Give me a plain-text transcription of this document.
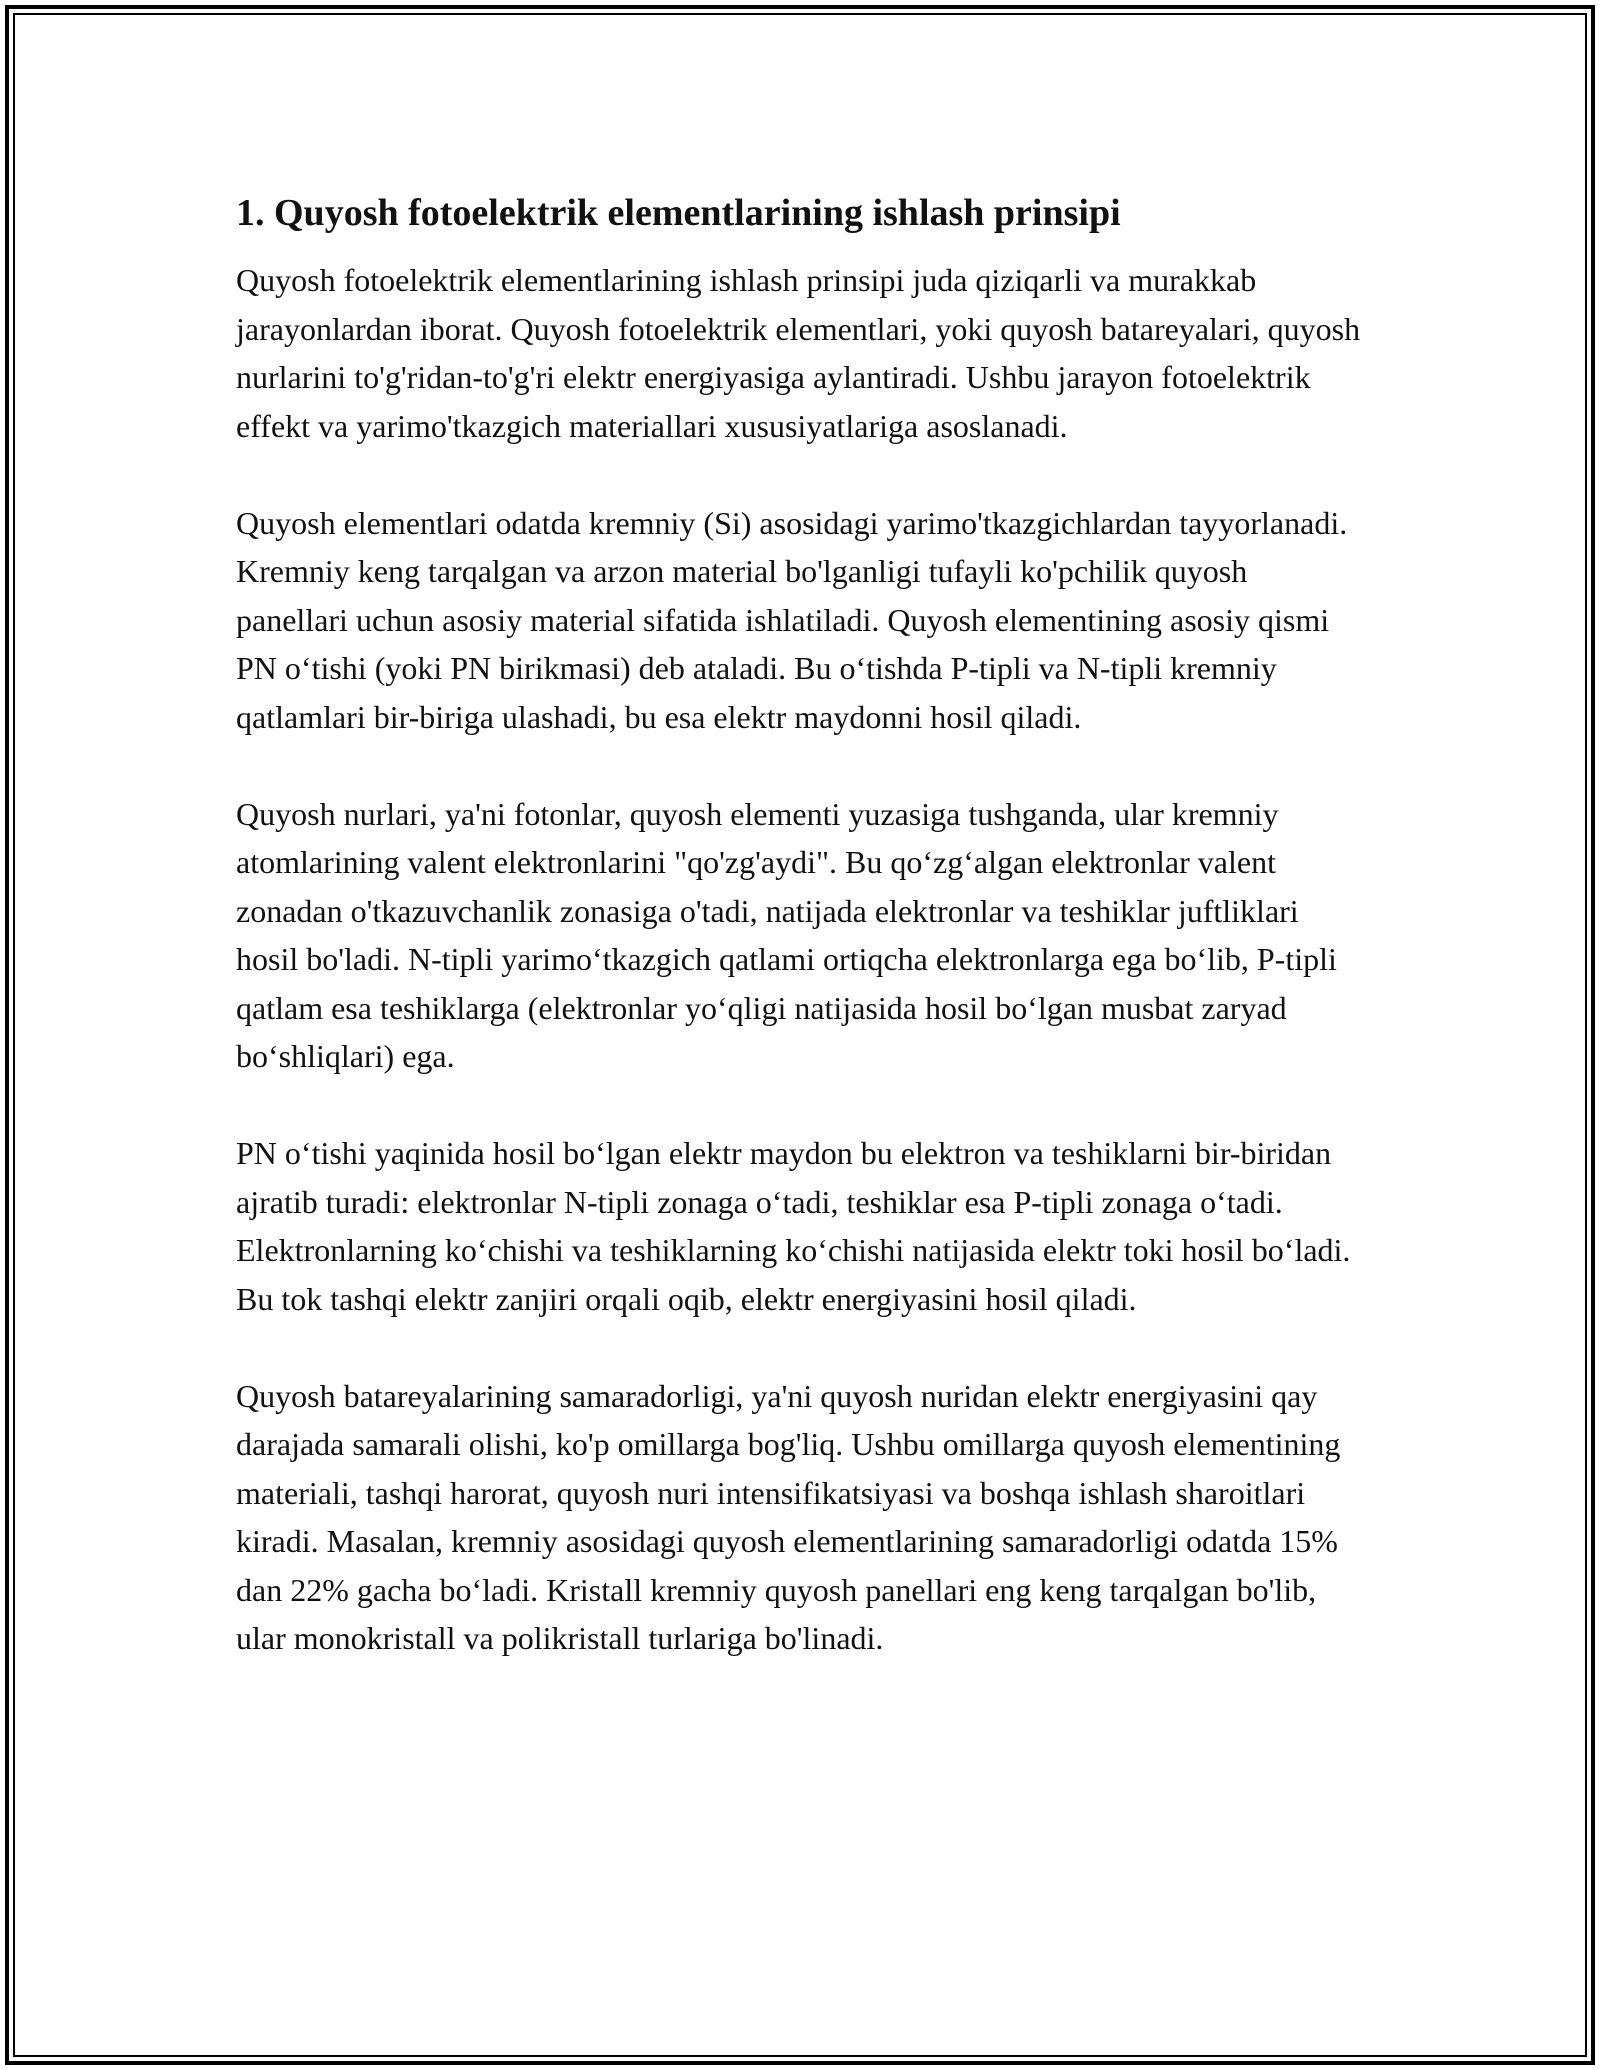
1. Quyosh fotoelektrik elementlarining ishlash prinsipi

Quyosh fotoelektrik elementlarining ishlash prinsipi juda qiziqarli va murakkab jarayonlardan iborat. Quyosh fotoelektrik elementlari, yoki quyosh batareyalari, quyosh nurlarini to'g'ridan-to'g'ri elektr energiyasiga aylantiradi. Ushbu jarayon fotoelektrik effekt va yarimo'tkazgich materiallari xususiyatlariga asoslanadi.

Quyosh elementlari odatda kremniy (Si) asosidagi yarimo'tkazgichlardan tayyorlanadi. Kremniy keng tarqalgan va arzon material bo'lganligi tufayli ko'pchilik quyosh panellari uchun asosiy material sifatida ishlatiladi. Quyosh elementining asosiy qismi PN o‘tishi (yoki PN birikmasi) deb ataladi. Bu o‘tishda P-tipli va N-tipli kremniy qatlamlari bir-biriga ulashadi, bu esa elektr maydonni hosil qiladi.

Quyosh nurlari, ya'ni fotonlar, quyosh elementi yuzasiga tushganda, ular kremniy atomlarining valent elektronlarini "qo'zg'aydi". Bu qo‘zg‘algan elektronlar valent zonadan o'tkazuvchanlik zonasiga o'tadi, natijada elektronlar va teshiklar juftliklari hosil bo'ladi. N-tipli yarimo‘tkazgich qatlami ortiqcha elektronlarga ega bo‘lib, P-tipli qatlam esa teshiklarga (elektronlar yo‘qligi natijasida hosil bo‘lgan musbat zaryad bo‘shliqlari) ega.

PN o‘tishi yaqinida hosil bo‘lgan elektr maydon bu elektron va teshiklarni bir-biridan ajratib turadi: elektronlar N-tipli zonaga o‘tadi, teshiklar esa P-tipli zonaga o‘tadi. Elektronlarning ko‘chishi va teshiklarning ko‘chishi natijasida elektr toki hosil bo‘ladi. Bu tok tashqi elektr zanjiri orqali oqib, elektr energiyasini hosil qiladi.

Quyosh batareyalarining samaradorligi, ya'ni quyosh nuridan elektr energiyasini qay darajada samarali olishi, ko'p omillarga bog'liq. Ushbu omillarga quyosh elementining materiali, tashqi harorat, quyosh nuri intensifikatsiyasi va boshqa ishlash sharoitlari kiradi. Masalan, kremniy asosidagi quyosh elementlarining samaradorligi odatda 15% dan 22% gacha bo‘ladi. Kristall kremniy quyosh panellari eng keng tarqalgan bo'lib, ular monokristall va polikristall turlariga bo'linadi.
